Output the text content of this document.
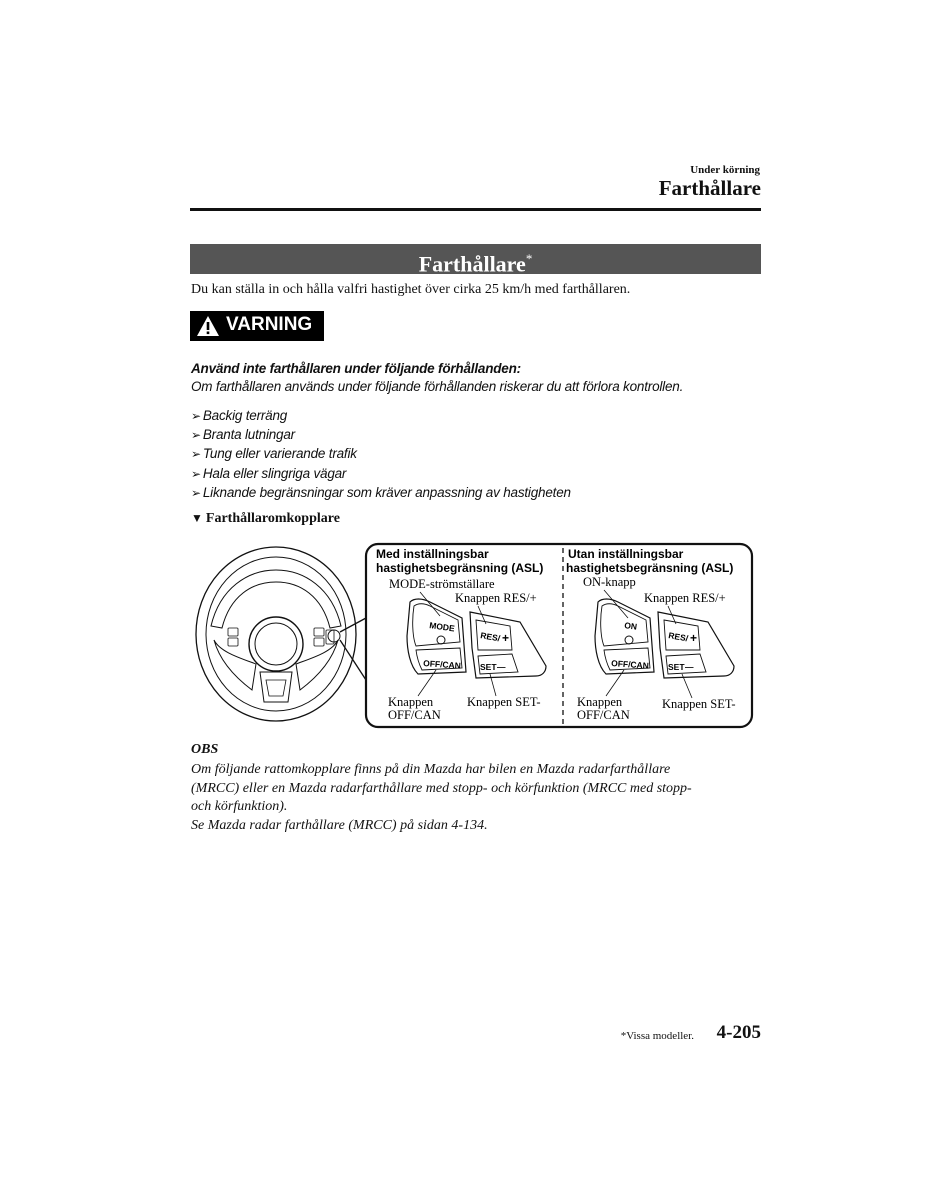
Under körning
Farthållare
Farthållare*
Du kan ställa in och hålla valfri hastighet över cirka 25 km/h med farthållaren.
VARNING
Använd inte farthållaren under följande förhållanden:
Om farthållaren används under följande förhållanden riskerar du att förlora kontrollen.
➢ Backig terräng
➢ Branta lutningar
➢ Tung eller varierande trafik
➢ Hala eller slingriga vägar
➢ Liknande begränsningar som kräver anpassning av hastigheten
▼ Farthållaromkopplare
Med inställningsbar
hastighetsbegränsning (ASL)
MODE-strömställare
Knappen RES/+
Knappen
OFF/CAN
Knappen SET-
MODE
OFF/CAN
RES/ +
SET —
Utan inställningsbar
hastighetsbegränsning (ASL)
ON-knapp
Knappen RES/+
Knappen
OFF/CAN
Knappen SET-
ON
OFF/CAN
RES/ +
SET —
OBS
Om följande rattomkopplare finns på din Mazda har bilen en Mazda radarfarthållare
(MRCC) eller en Mazda radarfarthållare med stopp- och körfunktion (MRCC med stopp-
och körfunktion).
Se Mazda radar farthållare (MRCC) på sidan 4-134.
*Vissa modeller.	4-205
